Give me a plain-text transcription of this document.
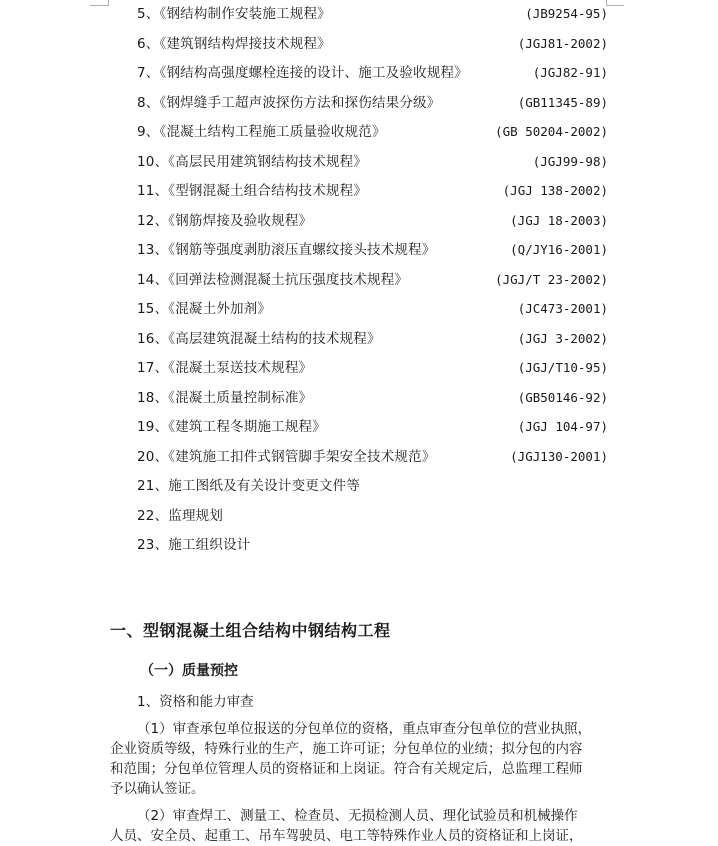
5、《钢结构制作安装施工规程》	(JB9254-95)
6、《建筑钢结构焊接技术规程》	(JGJ81-2002)
7、《钢结构高强度螺栓连接的设计、施工及验收规程》	(JGJ82-91)
8、《钢焊缝手工超声波探伤方法和探伤结果分级》	(GB11345-89)
9、《混凝土结构工程施工质量验收规范》	(GB 50204-2002)
10、《高层民用建筑钢结构技术规程》	(JGJ99-98)
11、《型钢混凝土组合结构技术规程》	(JGJ 138-2002)
12、《钢筋焊接及验收规程》	(JGJ 18-2003)
13、《钢筋等强度剥肋滚压直螺纹接头技术规程》	(Q/JY16-2001)
14、《回弹法检测混凝土抗压强度技术规程》	(JGJ/T 23-2002)
15、《混凝土外加剂》	(JC473-2001)
16、《高层建筑混凝土结构的技术规程》	(JGJ 3-2002)
17、《混凝土泵送技术规程》	(JGJ/T10-95)
18、《混凝土质量控制标准》	(GB50146-92)
19、《建筑工程冬期施工规程》	(JGJ 104-97)
20、《建筑施工扣件式钢管脚手架安全技术规范》	(JGJ130-2001)
21、施工图纸及有关设计变更文件等
22、监理规划
23、施工组织设计
一、型钢混凝土组合结构中钢结构工程
（一）质量预控
1、资格和能力审查
（1）审查承包单位报送的分包单位的资格，重点审查分包单位的营业执照，
企业资质等级，特殊行业的生产，施工许可证；分包单位的业绩；拟分包的内容
和范围；分包单位管理人员的资格证和上岗证。符合有关规定后，总监理工程师
予以确认签证。
（2）审查焊工、测量工、检查员、无损检测人员、理化试验员和机械操作
人员、安全员、起重工、吊车驾驶员、电工等特殊作业人员的资格证和上岗证，
